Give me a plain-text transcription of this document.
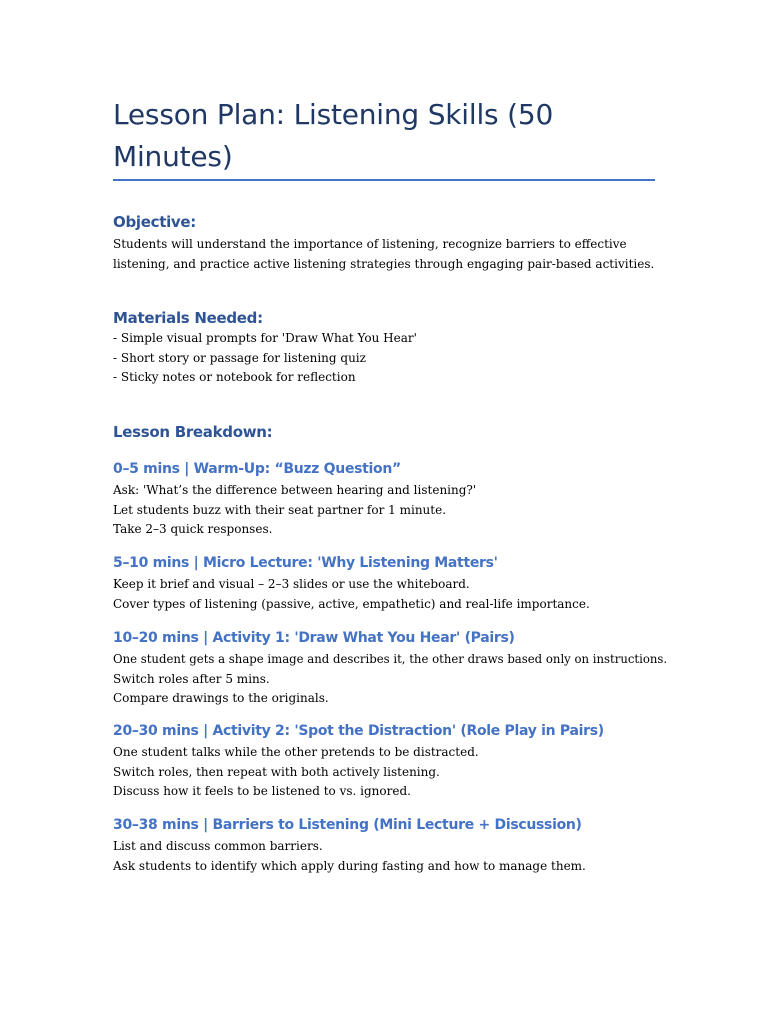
Lesson Plan: Listening Skills (50 Minutes)
Objective:

Students will understand the importance of listening, recognize barriers to effective

listening, and practice active listening strategies through engaging pair-based activities.

Materials Needed:

- Simple visual prompts for 'Draw What You Hear'

- Short story or passage for listening quiz

- Sticky notes or notebook for reflection

Lesson Breakdown:
0–5 mins | Warm-Up: “Buzz Question”

Ask: 'What’s the difference between hearing and listening?'

Let students buzz with their seat partner for 1 minute.

Take 2–3 quick responses.

5–10 mins | Micro Lecture: 'Why Listening Matters'

Keep it brief and visual – 2–3 slides or use the whiteboard.

Cover types of listening (passive, active, empathetic) and real-life importance.

10–20 mins | Activity 1: 'Draw What You Hear' (Pairs)

One student gets a shape image and describes it, the other draws based only on instructions.

Switch roles after 5 mins.

Compare drawings to the originals.

20–30 mins | Activity 2: 'Spot the Distraction' (Role Play in Pairs)

One student talks while the other pretends to be distracted.

Switch roles, then repeat with both actively listening.

Discuss how it feels to be listened to vs. ignored.

30–38 mins | Barriers to Listening (Mini Lecture + Discussion)

List and discuss common barriers.

Ask students to identify which apply during fasting and how to manage them.
